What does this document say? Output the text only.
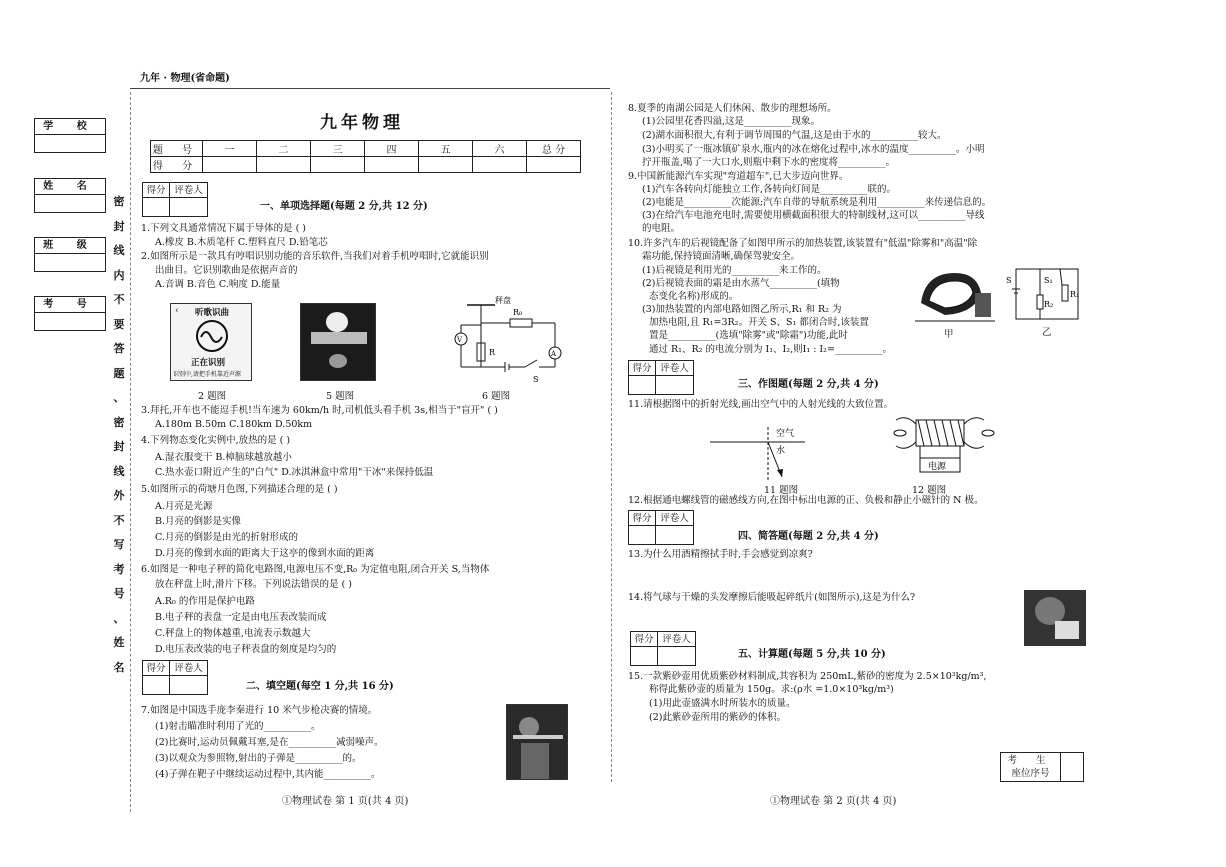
九年 · 物理(省命题)
学 校
姓 名
班 级
考 号
密
封
线
内
不
要
答
题
、
密
封
线
外
不
写
考
号
、
姓
名
九年物理
题 号	一	二	三	四	五	六	总 分
得 分							
得分 评卷人
一、单项选择题(每题 2 分,共 12 分)
1.下列文具通常情况下属于导体的是 ( )
A.橡皮 B.木质笔杆 C.塑料直尺 D.铅笔芯
2.如图所示是一款具有哼唱识别功能的音乐软件,当我们对着手机哼唱时,它就能识别
出曲目。它识别歌曲是依据声音的
A.音调 B.音色 C.响度 D.能量
‹ 听歌识曲
正在识别
识别中,请把手机靠近声源
2 题图	5 题图
V
A
秤盘
R₀
R
S
6 题图
3.拜托,开车也不能逗手机!当车速为 60km/h 时,司机低头看手机 3s,相当于"盲开" ( )
A.180m B.50m C.180km D.50km
4.下列物态变化实例中,放热的是 ( )
A.湿衣服变干 B.樟脑球越放越小
C.热水壶口附近产生的"白气" D.冰淇淋盒中常用"干冰"来保持低温
5.如图所示的荷塘月色图,下列描述合理的是 ( )
A.月亮是光源
B.月亮的倒影是实像
C.月亮的倒影是由光的折射形成的
D.月亮的像到水面的距离大于这亭的像到水面的距离
6.如图是一种电子秤的简化电路图,电源电压不变,R₀ 为定值电阻,闭合开关 S,当物体
放在秤盘上时,滑片下移。下列说法错误的是 ( )
A.R₀ 的作用是保护电路
B.电子秤的表盘一定是由电压表改装而成
C.秤盘上的物体越重,电流表示数越大
D.电压表改装的电子秤表盘的刻度是均匀的
得分 评卷人
二、填空题(每空 1 分,共 16 分)
7.如图是中国选手庞李秦进行 10 米气步枪决赛的情境。
(1)射击瞄准时利用了光的__________。
(2)比赛时,运动员佩戴耳塞,是在__________减弱噪声。
(3)以观众为参照物,射出的子弹是__________的。
(4)子弹在靶子中继续运动过程中,其内能__________。
①物理试卷 第 1 页(共 4 页)
8.夏季的南湖公园是人们休闲、散步的理想场所。
(1)公园里花香四溢,这是__________现象。
(2)湖水面积很大,有利于调节周围的气温,这是由于水的__________较大。
(3)小明买了一瓶冰镇矿泉水,瓶内的冰在熔化过程中,冰水的温度__________。小明
拧开瓶盖,喝了一大口水,则瓶中剩下水的密度将__________。
9.中国新能源汽车实现"弯道超车",已大步迈向世界。
(1)汽车各转向灯能独立工作,各转向灯间是__________联的。
(2)电能是__________次能源;汽车自带的导航系统是利用__________来传递信息的。
(3)在给汽车电池充电时,需要使用横截面积很大的特制线材,这可以__________导线
的电阻。
10.许多汽车的后视镜配备了如图甲所示的加热装置,该装置有"低温"除雾和"高温"除
霜功能,保持镜面清晰,确保驾驶安全。
(1)后视镜是利用光的__________来工作的。
(2)后视镜表面的霜是由水蒸气__________(填物
态变化名称)形成的。
(3)加热装置的内部电路如图乙所示,R₁ 和 R₂ 为
加热电阻,且 R₁=3R₂。开关 S、S₁ 都闭合时,该装置
置是__________(选填"除雾"或"除霜")功能,此时
通过 R₁、R₂ 的电流分别为 I₁、I₂,则I₁ : I₂=__________。
甲
S	S₁
R₂
R₁
乙
得分 评卷人
三、作图题(每题 2 分,共 4 分)
11.请根据图中的折射光线,画出空气中的人射光线的大致位置。
空气
水
11 题图
电源
12 题图
12.根据通电螺线管的磁感线方向,在图中标出电源的正、负极和静止小磁针的 N 极。
得分 评卷人
四、简答题(每题 2 分,共 4 分)
13.为什么用酒精擦拭手时,手会感觉到凉爽?
14.将气球与干燥的头发摩擦后能吸起碎纸片(如图所示),这是为什么?
得分 评卷人
五、计算题(每题 5 分,共 10 分)
15.一款紫砂壶用优质紫砂材料制成,其容积为 250mL,紫砂的密度为 2.5×10³kg/m³,
称得此紫砂壶的质量为 150g。求:(ρ水 =1.0×10³kg/m³)
(1)用此壶盛满水时所装水的质量。
(2)此紫砂壶所用的紫砂的体积。
考 生
座位序号
①物理试卷 第 2 页(共 4 页)
